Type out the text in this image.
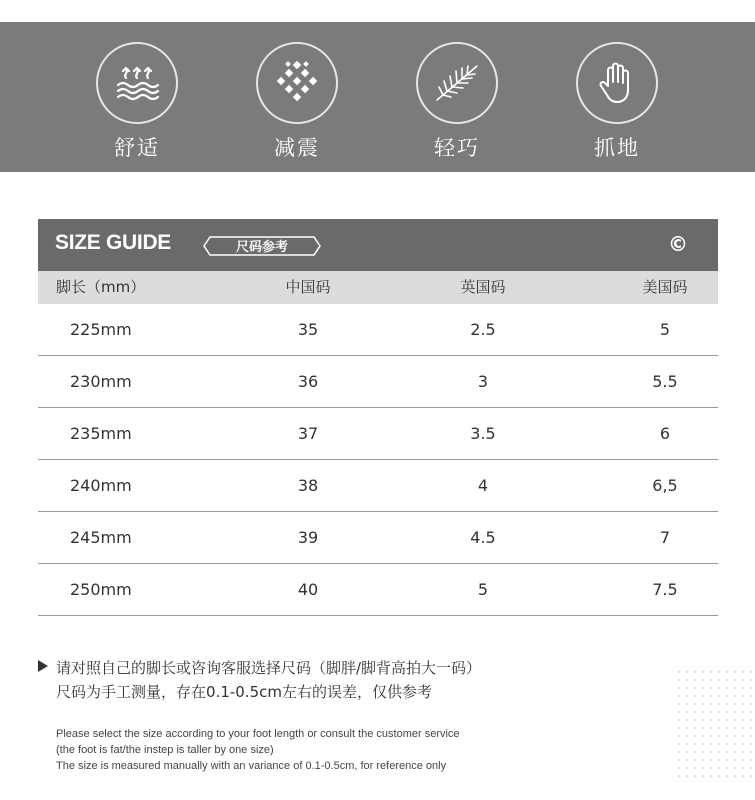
舒适	减震	轻巧	抓地
SIZE GUIDE	尺码参考	©
脚长（mm）	中国码	英国码	美国码
225mm	35	2.5	5
230mm	36	3	5.5
235mm	37	3.5	6
240mm	38	4	6,5
245mm	39	4.5	7
250mm	40	5	7.5
请对照自己的脚长或咨询客服选择尺码（脚胖/脚背高拍大一码）
尺码为手工测量，存在0.1-0.5cm左右的误差，仅供参考
Please select the size according to your foot length or consult the customer service
(the foot is fat/the instep is taller by one size)
The size is measured manually with an variance of 0.1-0.5cm, for reference only
